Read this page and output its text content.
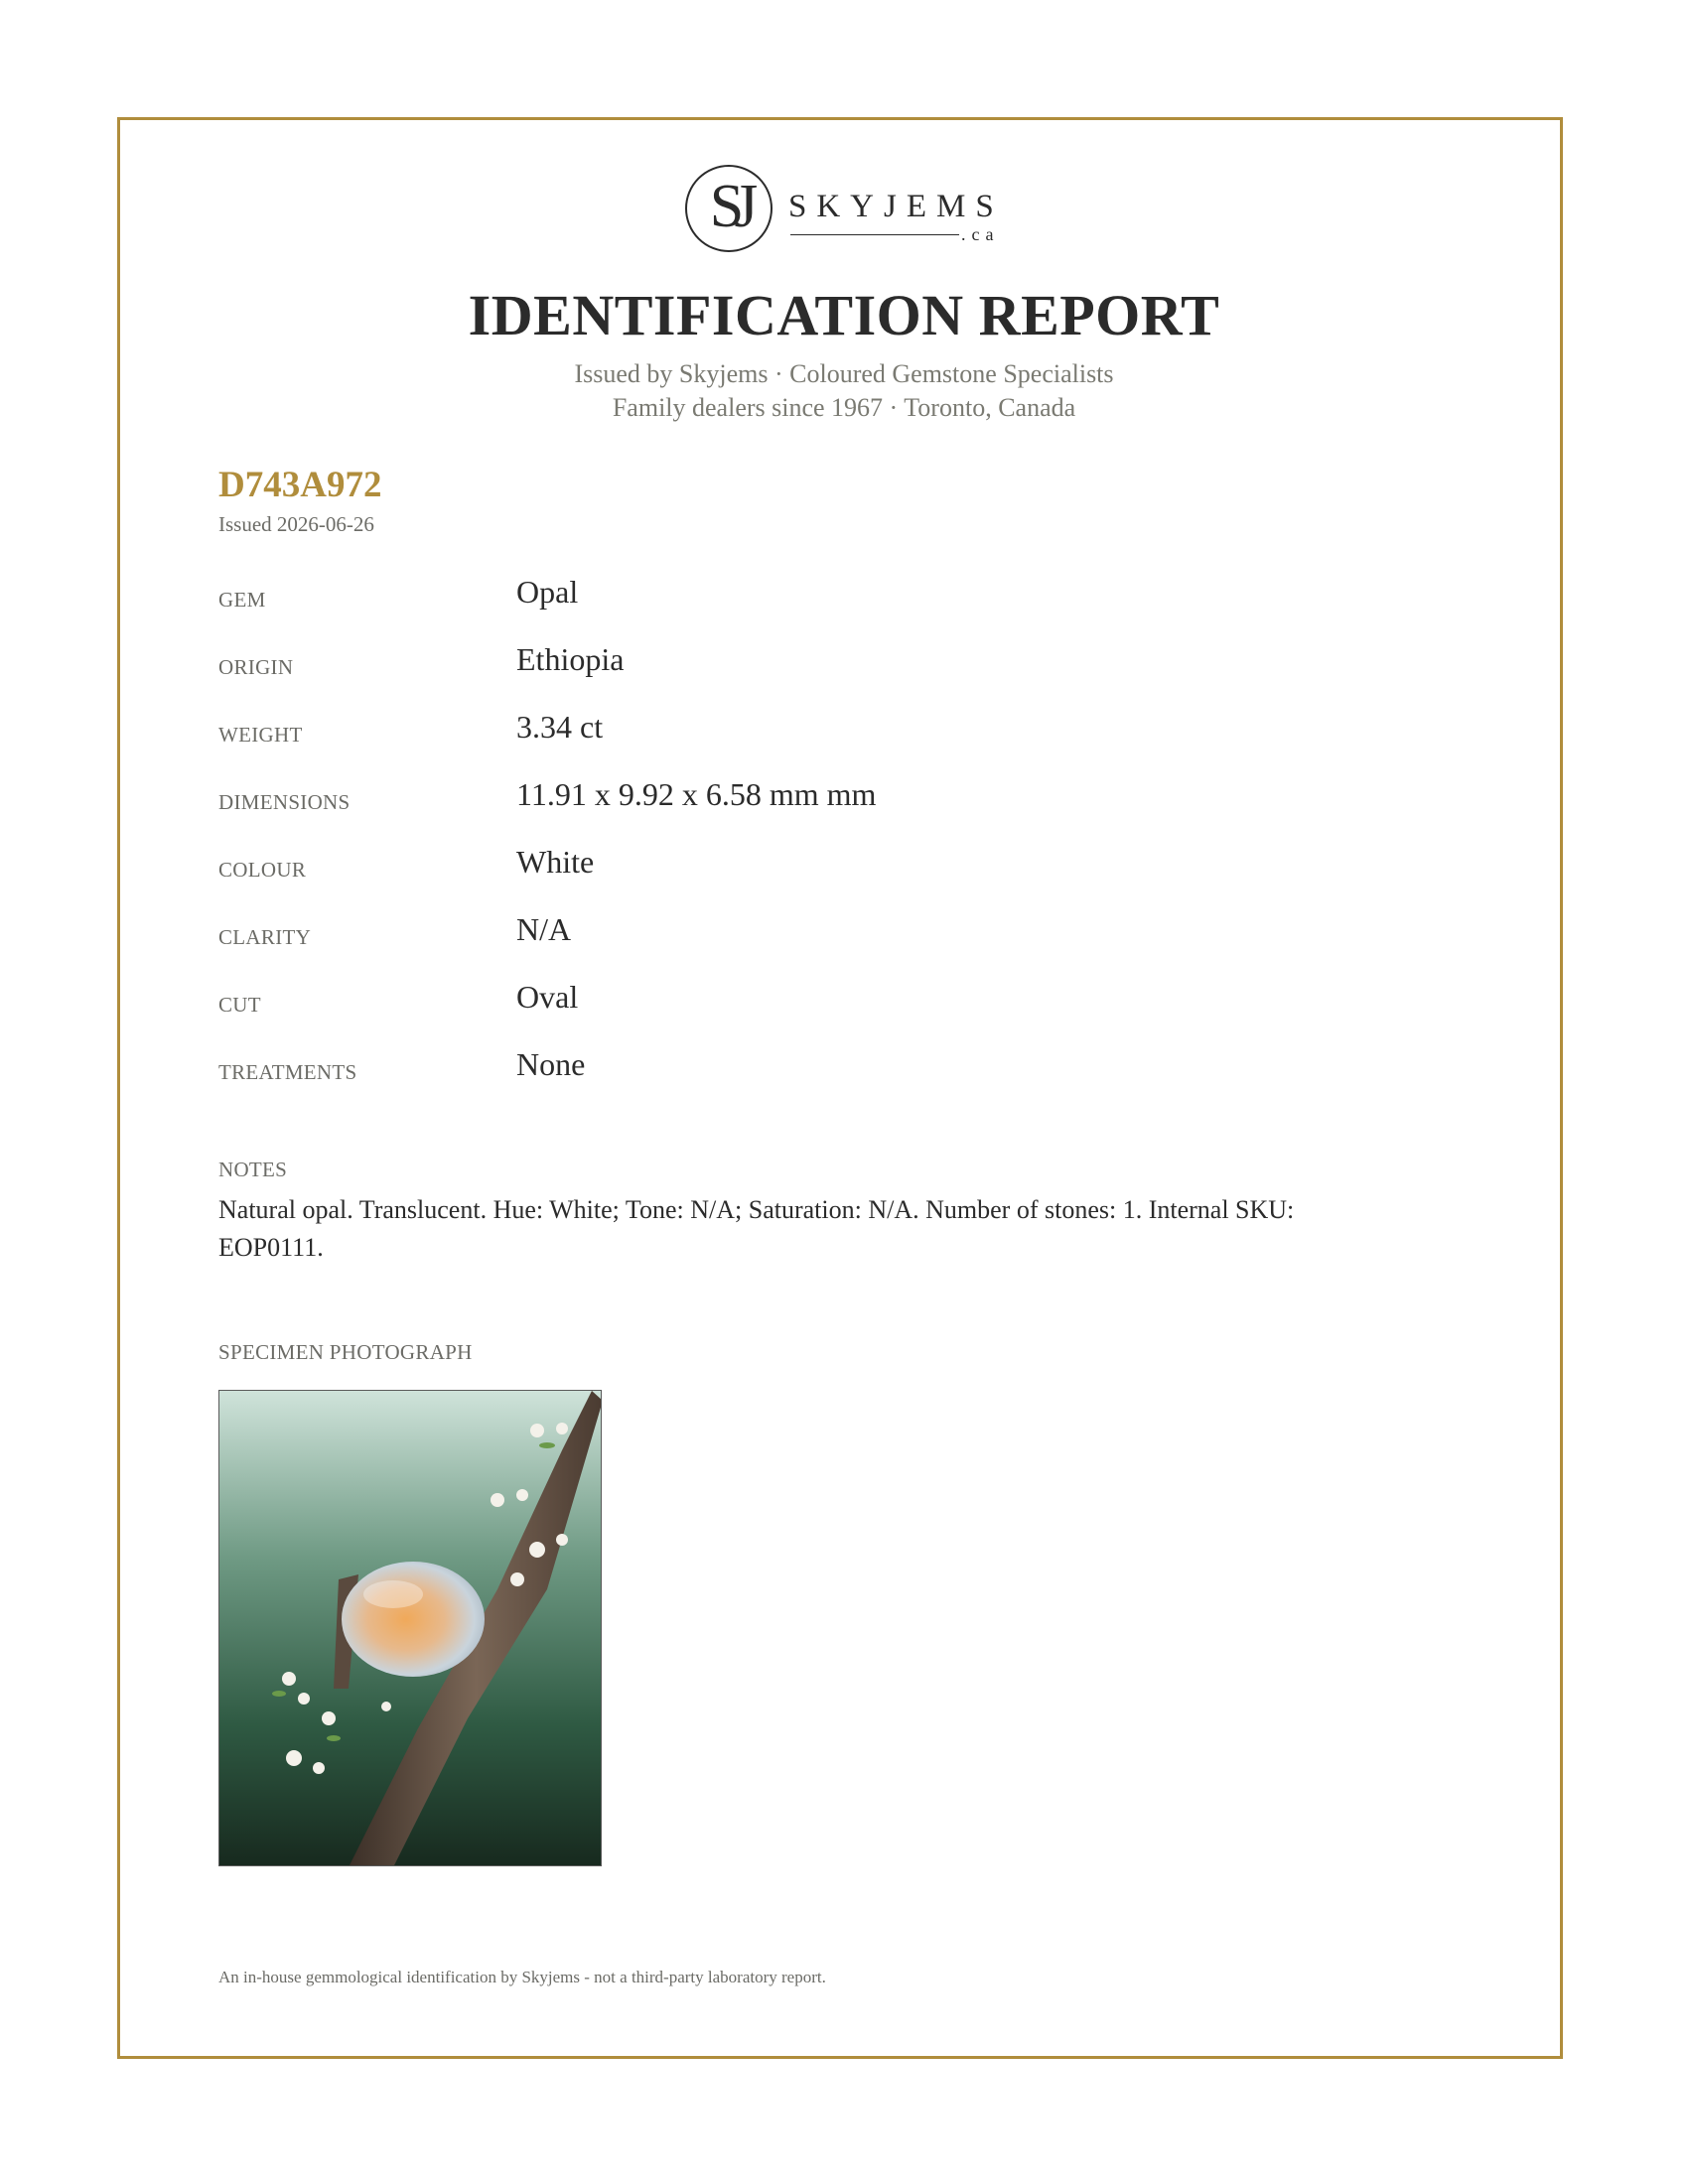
SJ	SKYJEMS
.ca
IDENTIFICATION REPORT

Issued by Skyjems · Coloured Gemstone Specialists

Family dealers since 1967 · Toronto, Canada

D743A972
Issued 2026-06-26
GEM	Opal
ORIGIN	Ethiopia
WEIGHT	3.34 ct
DIMENSIONS	11.91 x 9.92 x 6.58 mm mm
COLOUR	White
CLARITY	N/A
CUT	Oval
TREATMENTS	None
NOTES
Natural opal. Translucent. Hue: White; Tone: N/A; Saturation: N/A. Number of stones: 1. Internal SKU: EOP0111.
SPECIMEN PHOTOGRAPH
An in-house gemmological identification by Skyjems - not a third-party laboratory report.
